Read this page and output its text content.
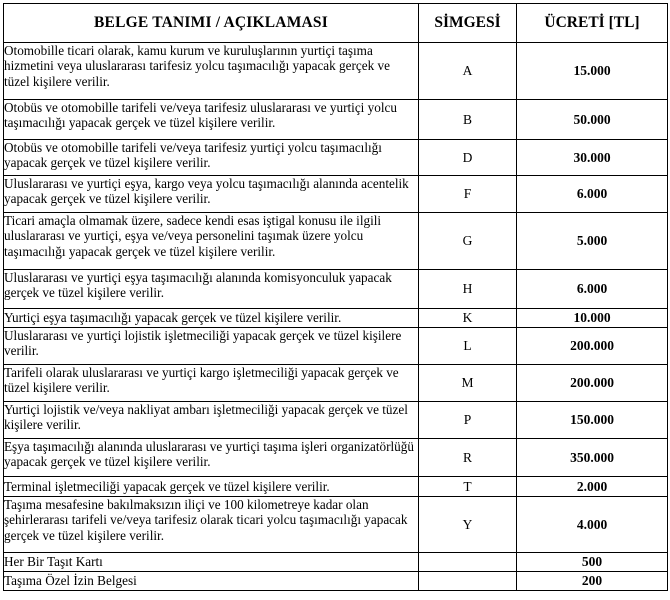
BELGE TANIMI / AÇIKLAMASI	SİMGESİ	ÜCRETİ [TL]
Otomobille ticari olarak, kamu kurum ve kuruluşlarının yurtiçi taşıma hizmetini veya uluslararası tarifesiz yolcu taşımacılığı yapacak gerçek ve tüzel kişilere verilir.	A	15.000
Otobüs ve otomobille tarifeli ve/veya tarifesiz uluslararası ve yurtiçi yolcu taşımacılığı yapacak gerçek ve tüzel kişilere verilir.	B	50.000
Otobüs ve otomobille tarifeli ve/veya tarifesiz yurtiçi yolcu taşımacılığı yapacak gerçek ve tüzel kişilere verilir.	D	30.000
Uluslararası ve yurtiçi eşya, kargo veya yolcu taşımacılığı alanında acentelik yapacak gerçek ve tüzel kişilere verilir.	F	6.000
Ticari amaçla olmamak üzere, sadece kendi esas iştigal konusu ile ilgili uluslararası ve yurtiçi, eşya ve/veya personelini taşımak üzere yolcu taşımacılığı yapacak gerçek ve tüzel kişilere verilir.	G	5.000
Uluslararası ve yurtiçi eşya taşımacılığı alanında komisyonculuk yapacak gerçek ve tüzel kişilere verilir.	H	6.000
Yurtiçi eşya taşımacılığı yapacak gerçek ve tüzel kişilere verilir.	K	10.000
Uluslararası ve yurtiçi lojistik işletmeciliği yapacak gerçek ve tüzel kişilere verilir.	L	200.000
Tarifeli olarak uluslararası ve yurtiçi kargo işletmeciliği yapacak gerçek ve tüzel kişilere verilir.	M	200.000
Yurtiçi lojistik ve/veya nakliyat ambarı işletmeciliği yapacak gerçek ve tüzel kişilere verilir.	P	150.000
Eşya taşımacılığı alanında uluslararası ve yurtiçi taşıma işleri organizatörlüğü yapacak gerçek ve tüzel kişilere verilir.	R	350.000
Terminal işletmeciliği yapacak gerçek ve tüzel kişilere verilir.	T	2.000
Taşıma mesafesine bakılmaksızın iliçi ve 100 kilometreye kadar olan şehirlerarası tarifeli ve/veya tarifesiz olarak ticari yolcu taşımacılığı yapacak gerçek ve tüzel kişilere verilir.	Y	4.000
Her Bir Taşıt Kartı		500
Taşıma Özel İzin Belgesi		200
